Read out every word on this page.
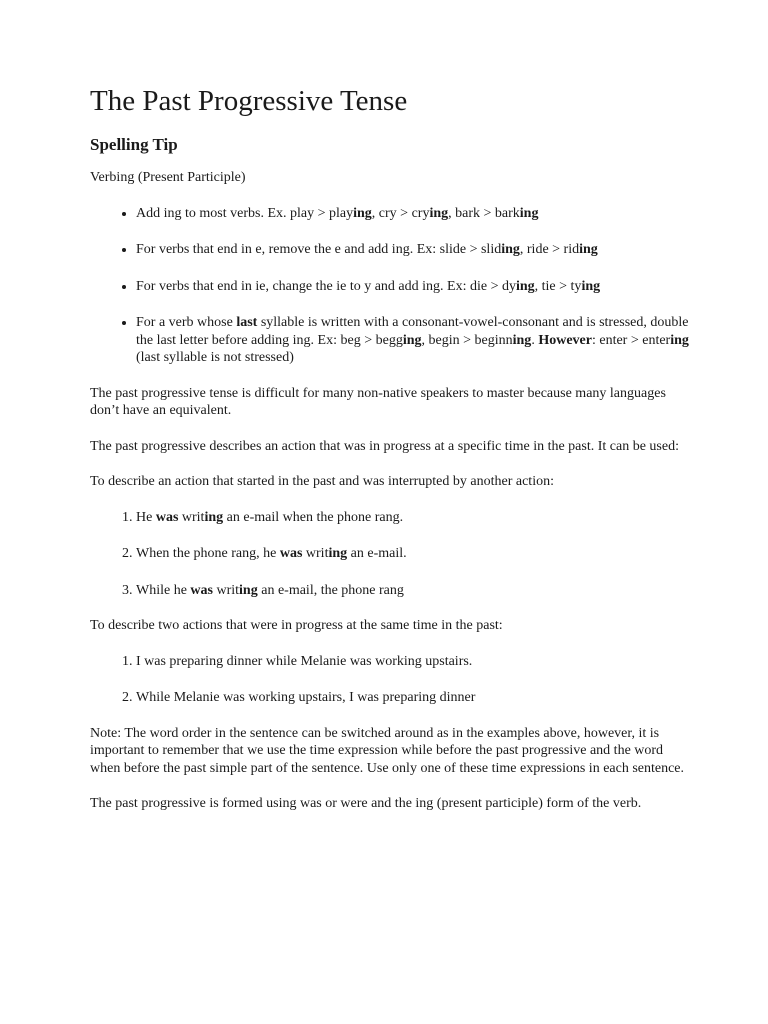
The Past Progressive Tense
Spelling Tip

Verbing (Present Participle)

• Add ing to most verbs. Ex. play > playing, cry > crying, bark > barking
• For verbs that end in e, remove the e and add ing. Ex: slide > sliding, ride > riding
• For verbs that end in ie, change the ie to y and add ing. Ex: die > dying, tie > tying
• For a verb whose last syllable is written with a consonant-vowel-consonant and is stressed, double the last letter before adding ing. Ex: beg > begging, begin > beginning. However: enter > entering (last syllable is not stressed)

The past progressive tense is difficult for many non-native speakers to master because many languages don’t have an equivalent.

The past progressive describes an action that was in progress at a specific time in the past. It can be used:

To describe an action that started in the past and was interrupted by another action:

1. He was writing an e-mail when the phone rang.
2. When the phone rang, he was writing an e-mail.
3. While he was writing an e-mail, the phone rang

To describe two actions that were in progress at the same time in the past:

1. I was preparing dinner while Melanie was working upstairs.
2. While Melanie was working upstairs, I was preparing dinner

Note: The word order in the sentence can be switched around as in the examples above, however, it is important to remember that we use the time expression while before the past progressive and the word when before the past simple part of the sentence. Use only one of these time expressions in each sentence.

The past progressive is formed using was or were and the ing (present participle) form of the verb.
